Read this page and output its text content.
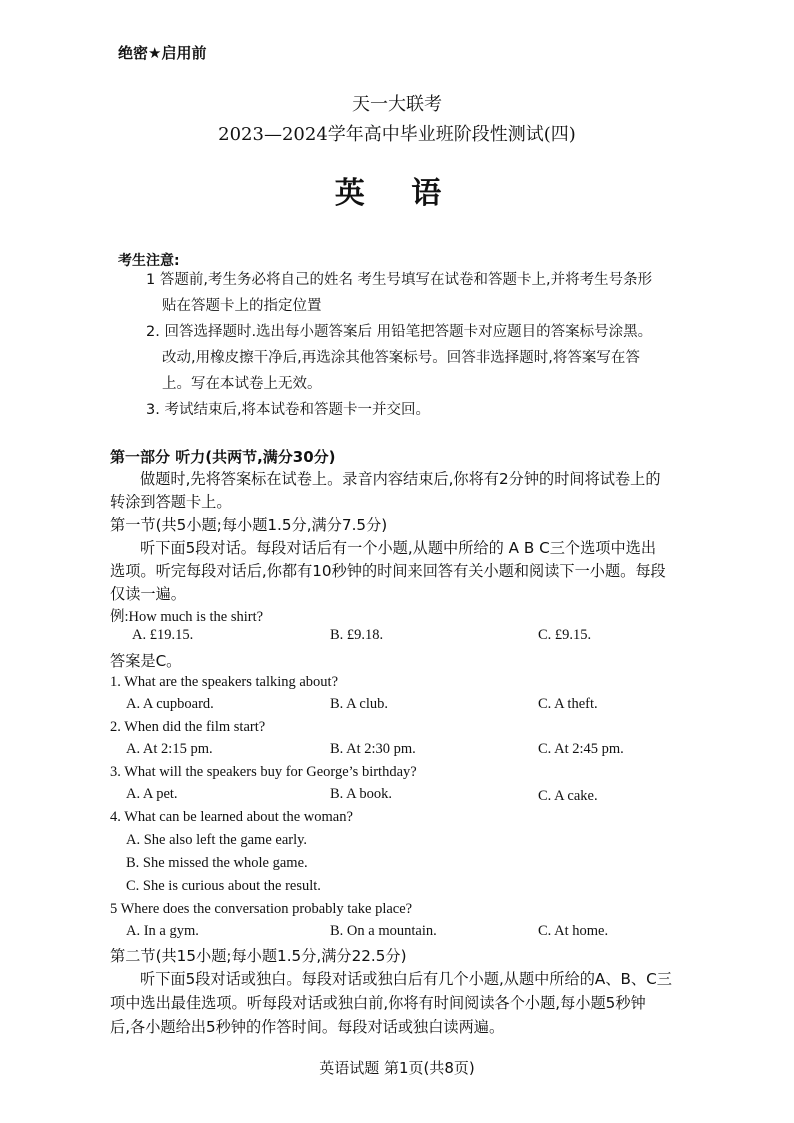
绝密★启用前
天一大联考
2023—2024学年高中毕业班阶段性测试(四)
英 语
考生注意:
1 答题前,考生务必将自己的姓名 考生号填写在试卷和答题卡上,并将考生号条形
贴在答题卡上的指定位置
2. 回答选择题时.选出每小题答案后 用铅笔把答题卡对应题目的答案标号涂黑。
改动,用橡皮擦干净后,再选涂其他答案标号。回答非选择题时,将答案写在答
上。写在本试卷上无效。
3. 考试结束后,将本试卷和答题卡一并交回。
第一部分 听力(共两节,满分30分)
做题时,先将答案标在试卷上。录音内容结束后,你将有2分钟的时间将试卷上的
转涂到答题卡上。
第一节(共5小题;每小题1.5分,满分7.5分)
听下面5段对话。每段对话后有一个小题,从题中所给的 A B C三个选项中选出
选项。听完每段对话后,你都有10秒钟的时间来回答有关小题和阅读下一小题。每段
仅读一遍。
例:How much is the shirt?
A. £19.15.	B. £9.18.	C. £9.15.
答案是C。
1. What are the speakers talking about?
A. A cupboard.	B. A club.	C. A theft.
2. When did the film start?
A. At 2:15 pm.	B. At 2:30 pm.	C. At 2:45 pm.
3. What will the speakers buy for George’s birthday?
A. A pet.	B. A book.	C. A cake.
4. What can be learned about the woman?
A. She also left the game early.
B. She missed the whole game.
C. She is curious about the result.
5 Where does the conversation probably take place?
A. In a gym.	B. On a mountain.	C. At home.
第二节(共15小题;每小题1.5分,满分22.5分)
听下面5段对话或独白。每段对话或独白后有几个小题,从题中所给的A、B、C三
项中选出最佳选项。听每段对话或独白前,你将有时间阅读各个小题,每小题5秒钟
后,各小题给出5秒钟的作答时间。每段对话或独白读两遍。
英语试题 第1页(共8页)
